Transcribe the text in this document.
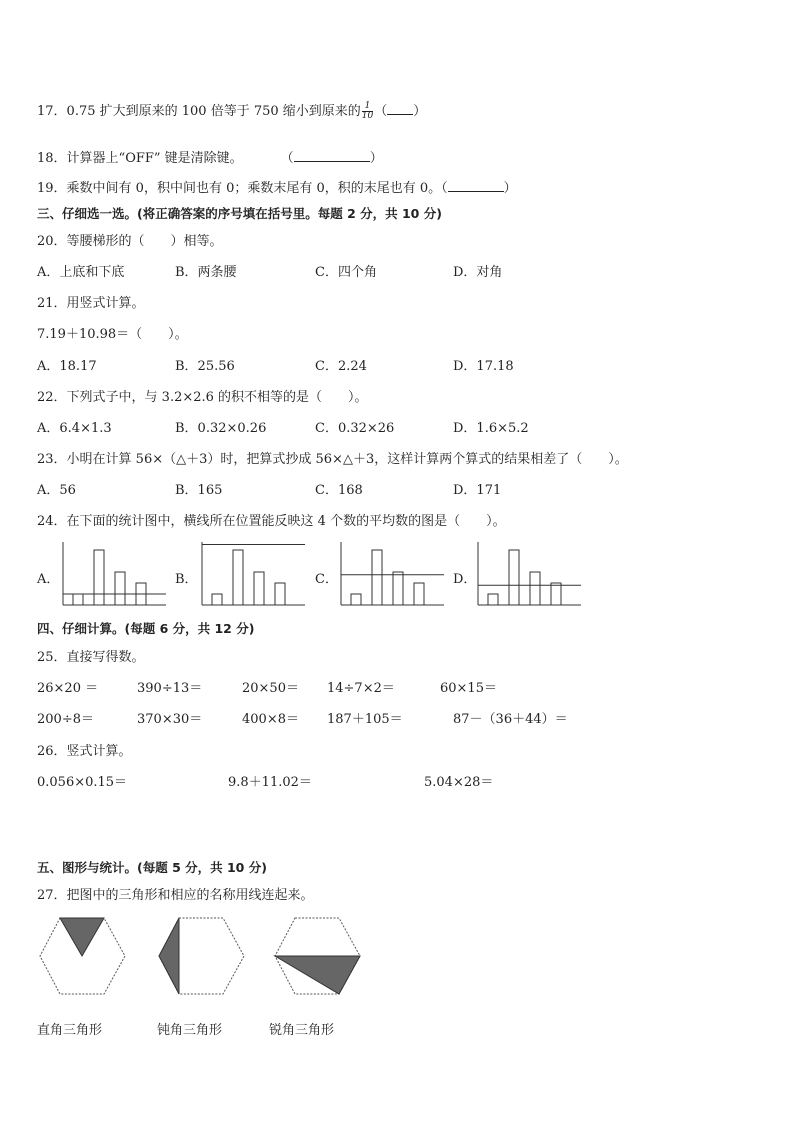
17．0.75 扩大到原来的 100 倍等于 750 缩小到原来的 $\frac{1}{10}$ （ ）
18．计算器上“OFF” 键是清除键。	（	）
19．乘数中间有 0，积中间也有 0；乘数末尾有 0，积的末尾也有 0。（	）
三、仔细选一选。(将正确答案的序号填在括号里。每题 2 分，共 10 分)
20．等腰梯形的（　　）相等。
A．上底和下底	B．两条腰	C．四个角	D．对角
21．用竖式计算。
7.19＋10.98＝（　　）。
A．18.17	B．25.56	C．2.24	D．17.18
22．下列式子中，与 3.2×2.6 的积不相等的是（　　）。
A．6.4×1.3	B．0.32×0.26	C．0.32×26	D．1.6×5.2
23．小明在计算 56×（△＋3）时，把算式抄成 56×△＋3，这样计算两个算式的结果相差了（　　）。
A．56	B．165	C．168	D．171
24．在下面的统计图中，横线所在位置能反映这 4 个数的平均数的图是（　　）。
A．	B．	C．	D．
四、仔细计算。(每题 6 分，共 12 分)
25．直接写得数。
26×20 ＝	390÷13＝	20×50＝ 14÷7×2＝	60×15＝
200÷8＝	370×30＝	400×8＝ 187＋105＝	87－（36＋44）＝
26．竖式计算。
0.056×0.15＝	9.8＋11.02＝	5.04×28＝
五、图形与统计。(每题 5 分，共 10 分)
27．把图中的三角形和相应的名称用线连起来。
直角三角形	钝角三角形	锐角三角形
